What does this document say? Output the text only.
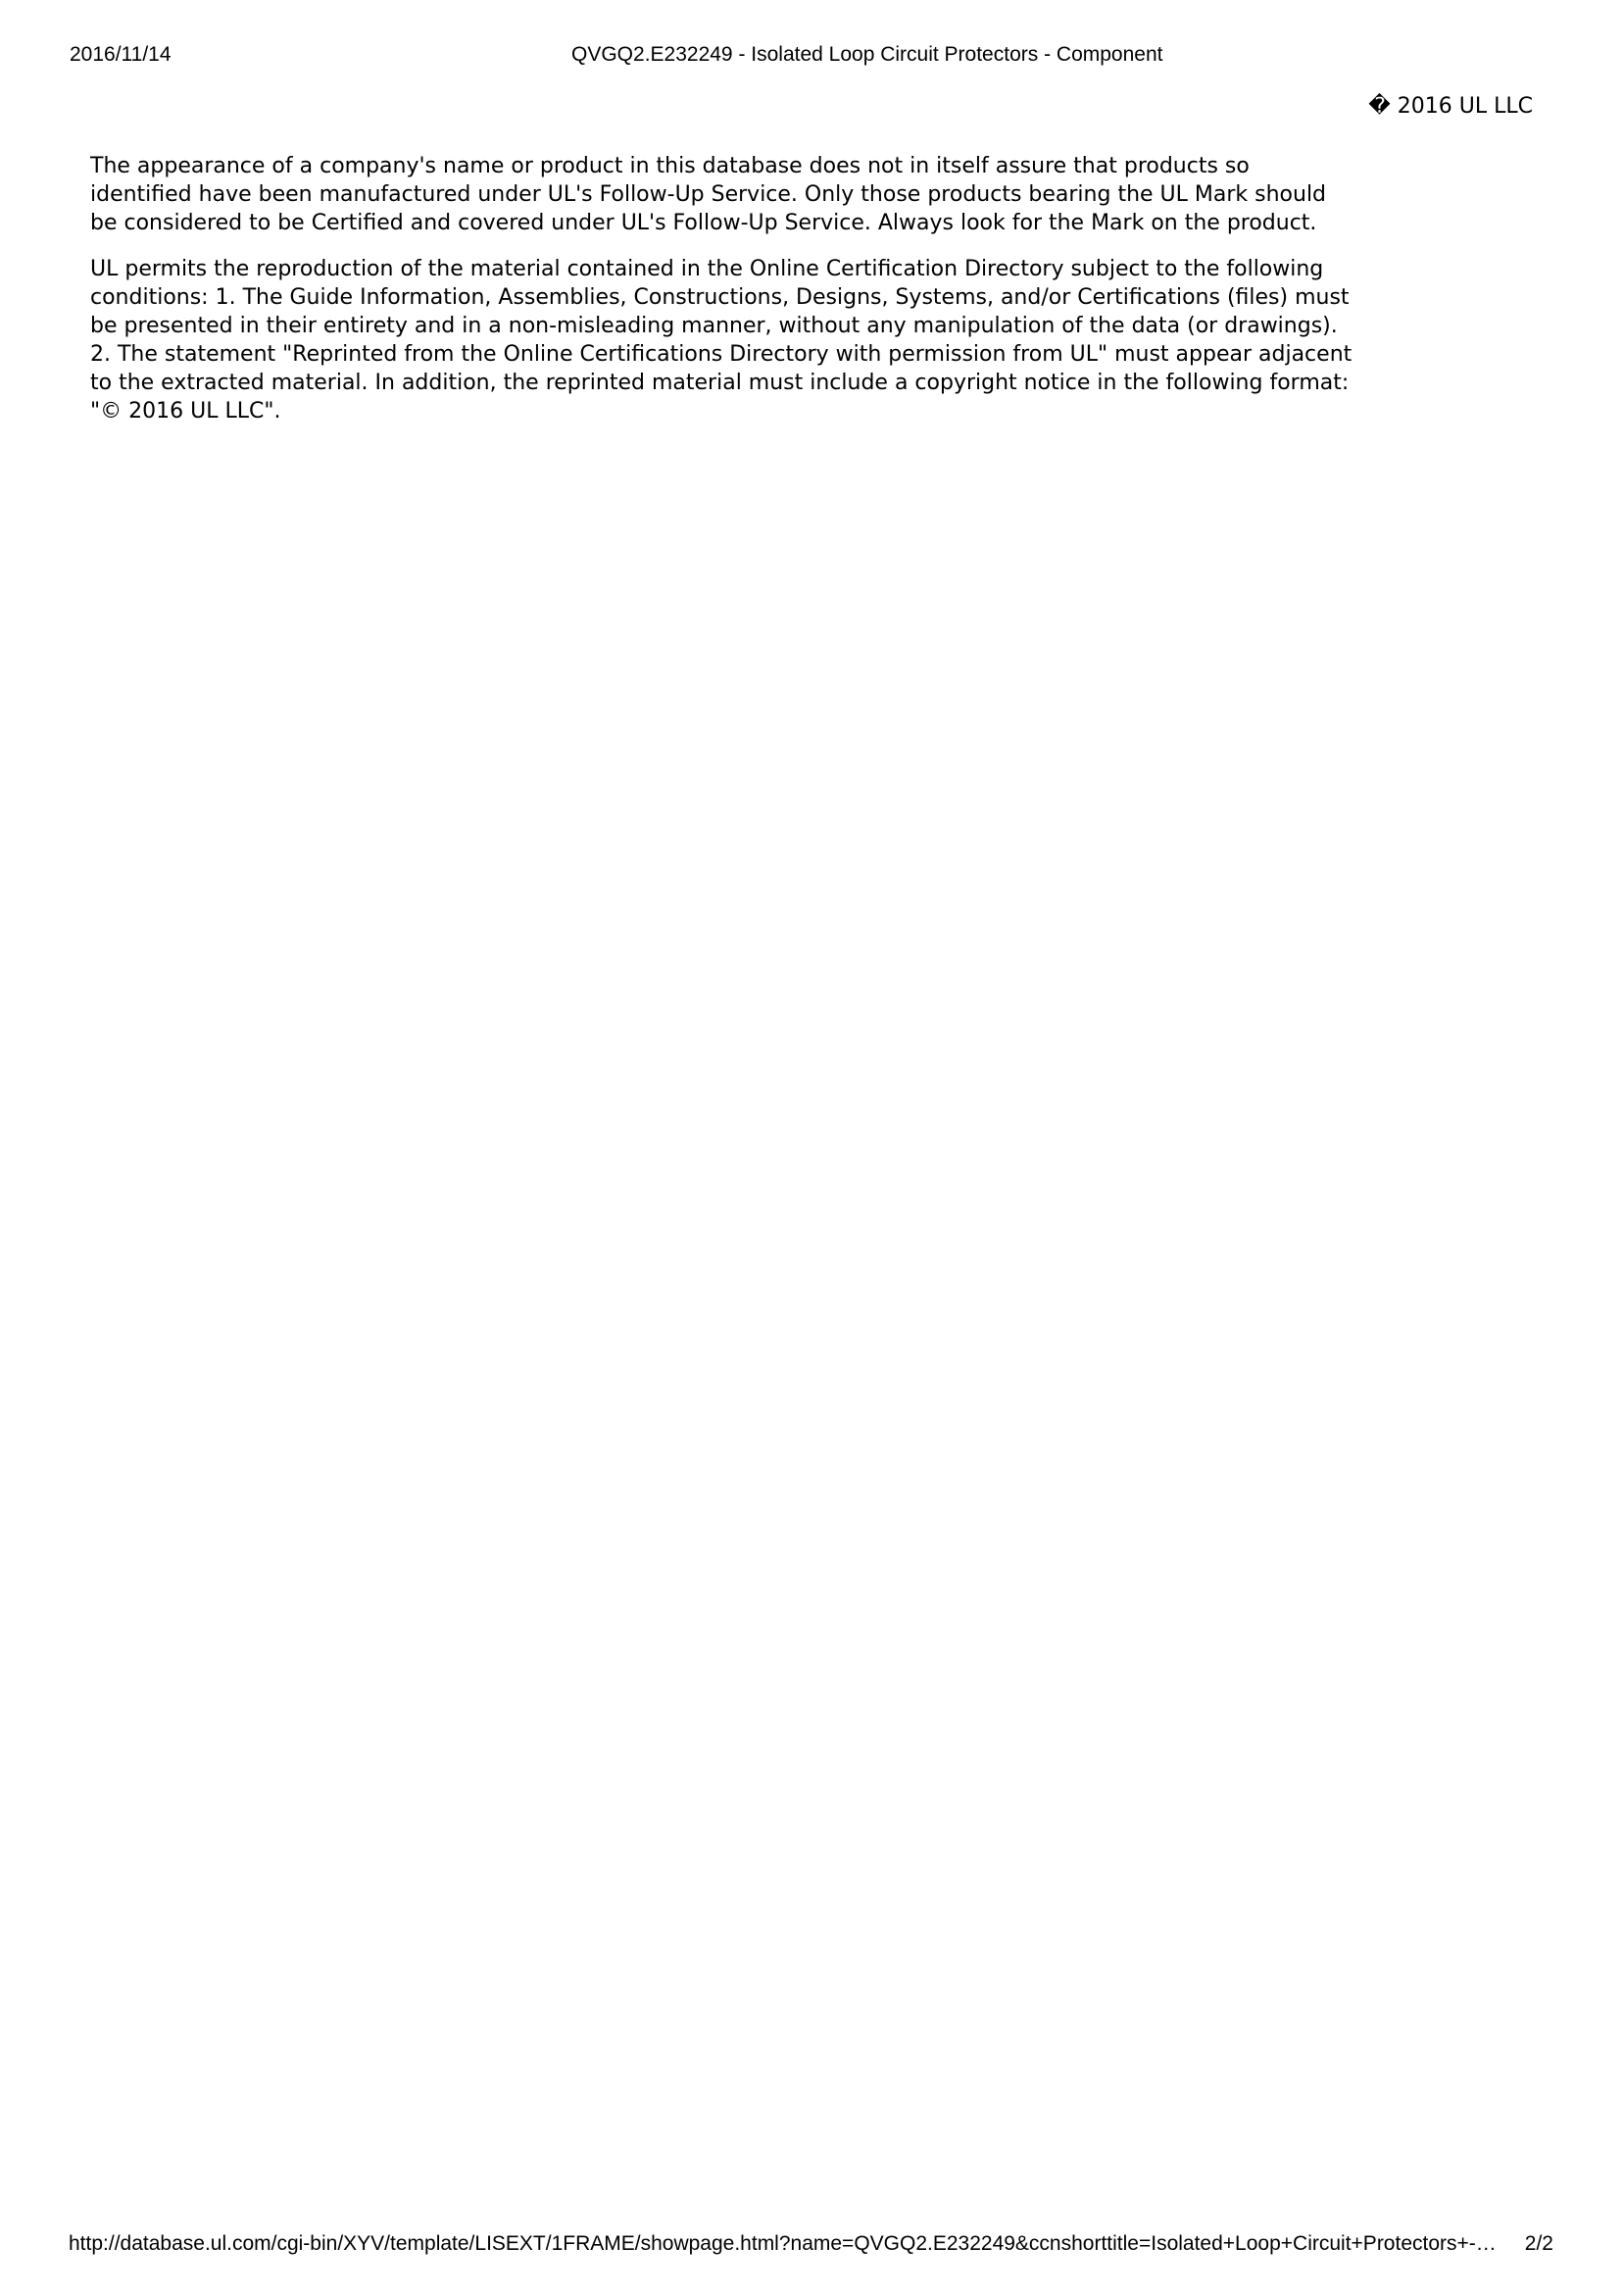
2016/11/14	QVGQ2.E232249 - Isolated Loop Circuit Protectors - Component
� 2016 UL LLC
The appearance of a company's name or product in this database does not in itself assure that products so
identified have been manufactured under UL's Follow-Up Service. Only those products bearing the UL Mark should
be considered to be Certified and covered under UL's Follow-Up Service. Always look for the Mark on the product.
UL permits the reproduction of the material contained in the Online Certification Directory subject to the following
conditions: 1. The Guide Information, Assemblies, Constructions, Designs, Systems, and/or Certifications (files) must
be presented in their entirety and in a non-misleading manner, without any manipulation of the data (or drawings).
2. The statement "Reprinted from the Online Certifications Directory with permission from UL" must appear adjacent
to the extracted material. In addition, the reprinted material must include a copyright notice in the following format:
"© 2016 UL LLC".
http://database.ul.com/cgi-bin/XYV/template/LISEXT/1FRAME/showpage.html?name=QVGQ2.E232249&ccnshorttitle=Isolated+Loop+Circuit+Protectors+-… 2/2
